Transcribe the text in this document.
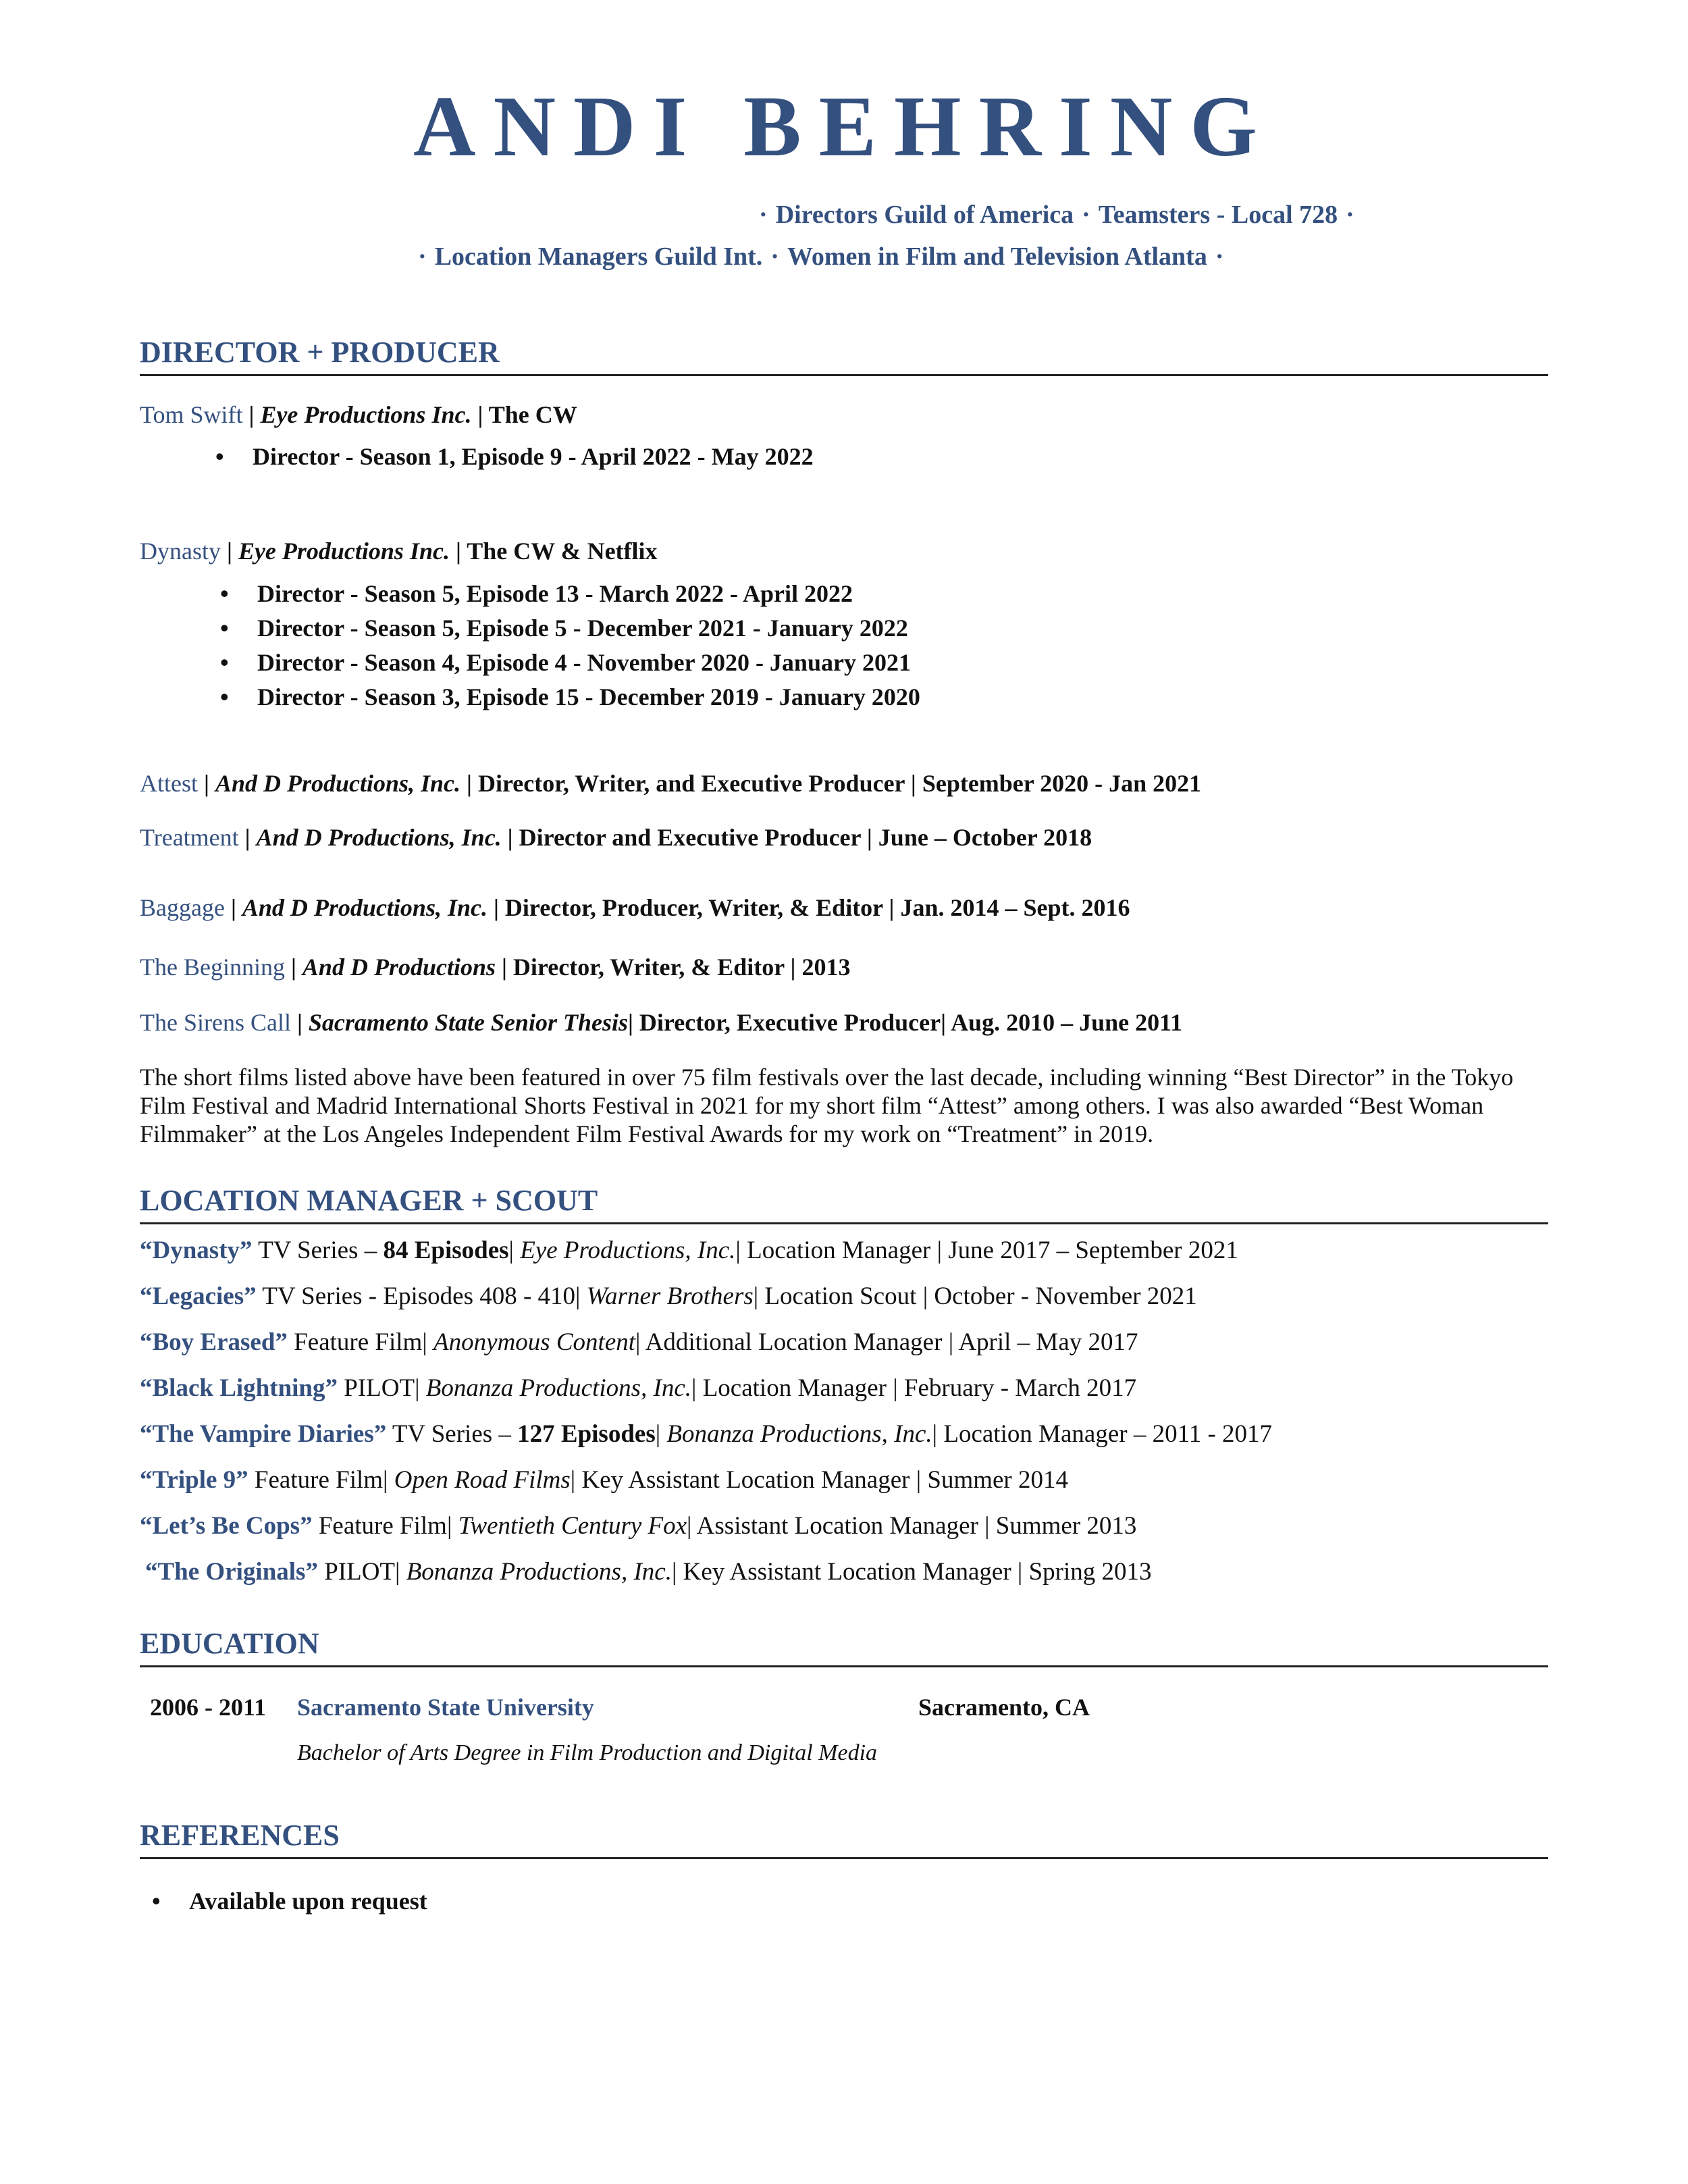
ANDI BEHRING
· Directors Guild of America · Teamsters - Local 728 ·
· Location Managers Guild Int. · Women in Film and Television Atlanta ·
DIRECTOR + PRODUCER
Tom Swift | Eye Productions Inc. | The CW
• Director - Season 1, Episode 9 - April 2022 - May 2022
Dynasty | Eye Productions Inc. | The CW & Netflix
• Director - Season 5, Episode 13 - March 2022 - April 2022
• Director - Season 5, Episode 5 - December 2021 - January 2022
• Director - Season 4, Episode 4 - November 2020 - January 2021
• Director - Season 3, Episode 15 - December 2019 - January 2020
Attest | And D Productions, Inc. | Director, Writer, and Executive Producer | September 2020 - Jan 2021
Treatment | And D Productions, Inc. | Director and Executive Producer | June – October 2018
Baggage | And D Productions, Inc. | Director, Producer, Writer, & Editor | Jan. 2014 – Sept. 2016
The Beginning | And D Productions | Director, Writer, & Editor | 2013
The Sirens Call | Sacramento State Senior Thesis| Director, Executive Producer| Aug. 2010 – June 2011
The short films listed above have been featured in over 75 film festivals over the last decade, including winning “Best Director” in the Tokyo Film Festival and Madrid International Shorts Festival in 2021 for my short film “Attest” among others. I was also awarded “Best Woman Filmmaker” at the Los Angeles Independent Film Festival Awards for my work on “Treatment” in 2019.
LOCATION MANAGER + SCOUT
“Dynasty” TV Series – 84 Episodes| Eye Productions, Inc.| Location Manager | June 2017 – September 2021
“Legacies” TV Series - Episodes 408 - 410| Warner Brothers| Location Scout | October - November 2021
“Boy Erased” Feature Film| Anonymous Content| Additional Location Manager | April – May 2017
“Black Lightning” PILOT| Bonanza Productions, Inc.| Location Manager | February - March 2017
“The Vampire Diaries” TV Series – 127 Episodes| Bonanza Productions, Inc.| Location Manager – 2011 - 2017
“Triple 9” Feature Film| Open Road Films| Key Assistant Location Manager | Summer 2014
“Let’s Be Cops” Feature Film| Twentieth Century Fox| Assistant Location Manager | Summer 2013
“The Originals” PILOT| Bonanza Productions, Inc.| Key Assistant Location Manager | Spring 2013
EDUCATION
2006 - 2011 Sacramento State University	Sacramento, CA
Bachelor of Arts Degree in Film Production and Digital Media
REFERENCES
• Available upon request
